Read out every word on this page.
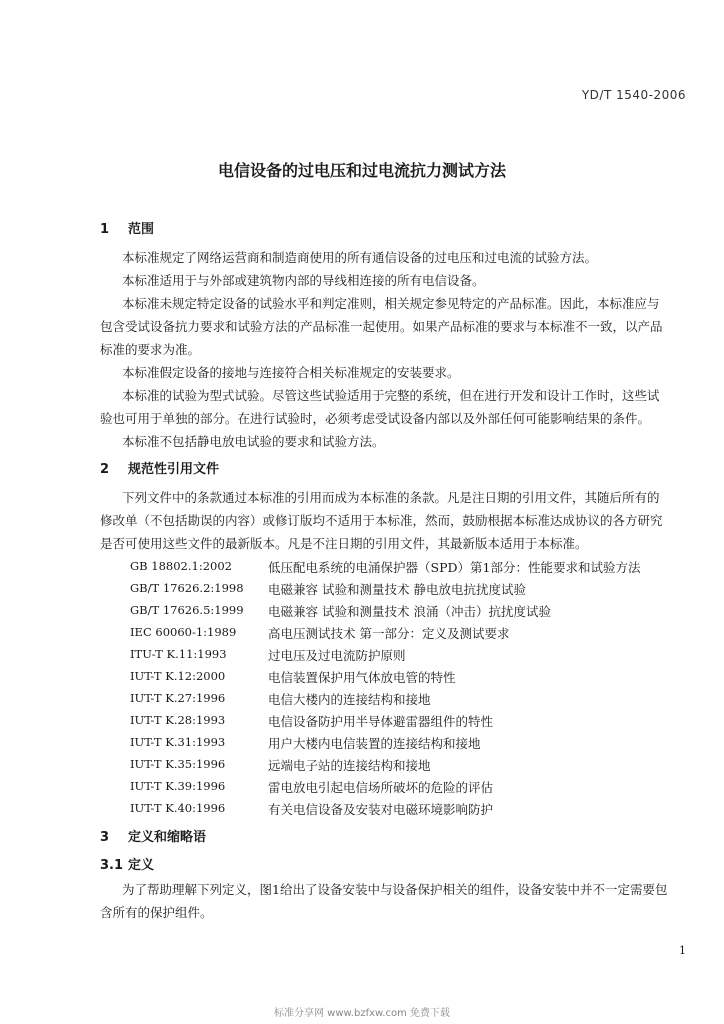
YD/T 1540-2006
电信设备的过电压和过电流抗力测试方法
1 范围
本标准规定了网络运营商和制造商使用的所有通信设备的过电压和过电流的试验方法。
本标准适用于与外部或建筑物内部的导线相连接的所有电信设备。
本标准未规定特定设备的试验水平和判定准则，相关规定参见特定的产品标准。因此，本标准应与
包含受试设备抗力要求和试验方法的产品标准一起使用。如果产品标准的要求与本标准不一致，以产品
标准的要求为准。
本标准假定设备的接地与连接符合相关标准规定的安装要求。
本标准的试验为型式试验。尽管这些试验适用于完整的系统，但在进行开发和设计工作时，这些试
验也可用于单独的部分。在进行试验时，必须考虑受试设备内部以及外部任何可能影响结果的条件。
本标准不包括静电放电试验的要求和试验方法。
2 规范性引用文件
下列文件中的条款通过本标准的引用而成为本标准的条款。凡是注日期的引用文件，其随后所有的
修改单（不包括勘误的内容）或修订版均不适用于本标准，然而，鼓励根据本标准达成协议的各方研究
是否可使用这些文件的最新版本。凡是不注日期的引用文件，其最新版本适用于本标准。
GB 18802.1:2002	低压配电系统的电涌保护器（SPD）第1部分：性能要求和试验方法
GB/T 17626.2:1998 电磁兼容 试验和测量技术 静电放电抗扰度试验
GB/T 17626.5:1999 电磁兼容 试验和测量技术 浪涌（冲击）抗扰度试验
IEC 60060-1:1989	高电压测试技术 第一部分：定义及测试要求
ITU-T K.11:1993	过电压及过电流防护原则
IUT-T K.12:2000	电信装置保护用气体放电管的特性
IUT-T K.27:1996	电信大楼内的连接结构和接地
IUT-T K.28:1993	电信设备防护用半导体避雷器组件的特性
IUT-T K.31:1993	用户大楼内电信装置的连接结构和接地
IUT-T K.35:1996	远端电子站的连接结构和接地
IUT-T K.39:1996	雷电放电引起电信场所破坏的危险的评估
IUT-T K.40:1996	有关电信设备及安装对电磁环境影响防护
3 定义和缩略语
3.1 定义
为了帮助理解下列定义，图1给出了设备安装中与设备保护相关的组件，设备安装中并不一定需要包
含所有的保护组件。
1
标准分享网 www.bzfxw.com 免费下载
